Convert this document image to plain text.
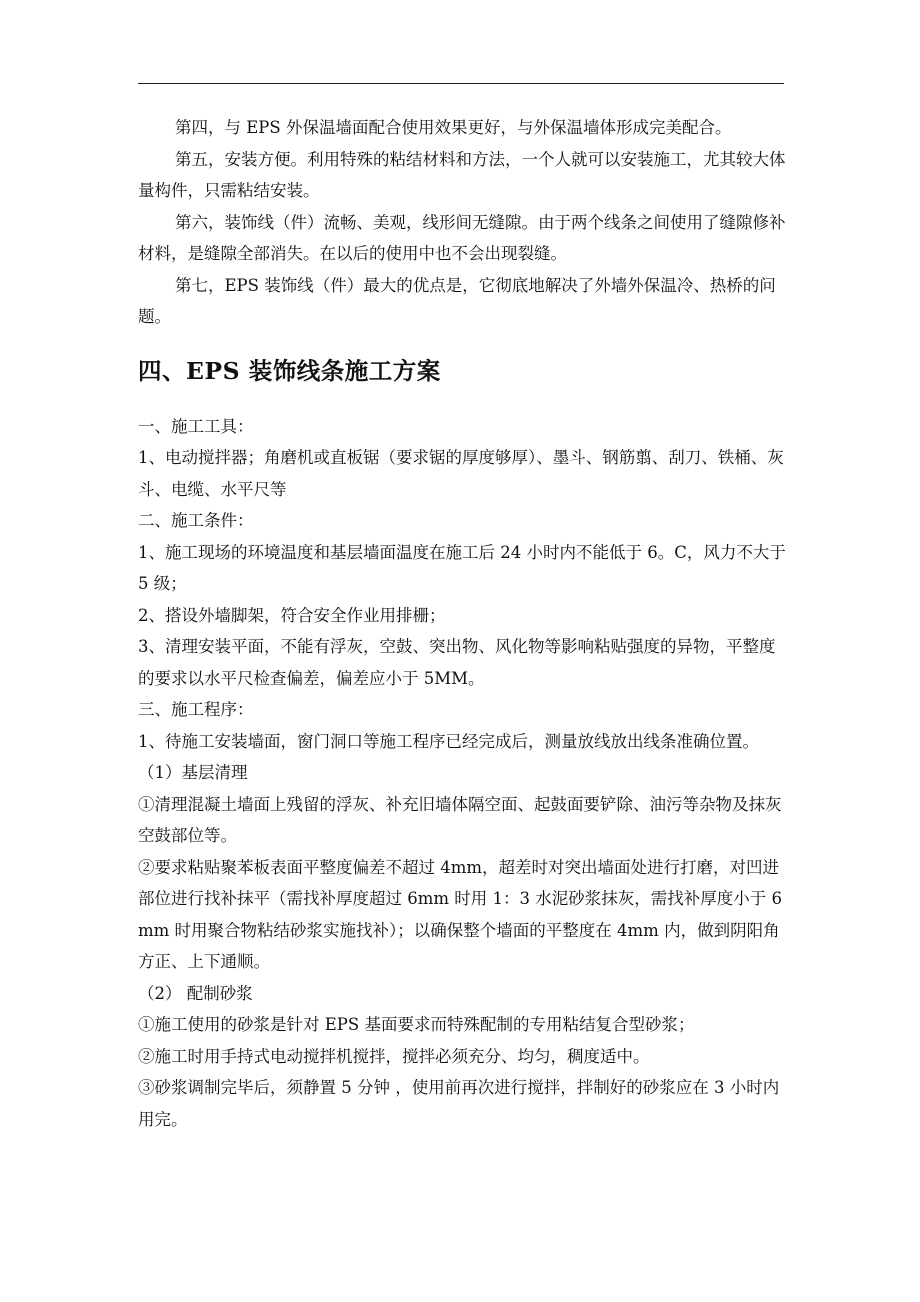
第四，与 EPS 外保温墙面配合使用效果更好，与外保温墙体形成完美配合。

第五，安装方便。利用特殊的粘结材料和方法，一个人就可以安装施工，尤其较大体量构件，只需粘结安装。

第六，装饰线（件）流畅、美观，线形间无缝隙。由于两个线条之间使用了缝隙修补材料，是缝隙全部消失。在以后的使用中也不会出现裂缝。

第七，EPS 装饰线（件）最大的优点是，它彻底地解决了外墙外保温冷、热桥的问题。

四、EPS 装饰线条施工方案

一、施工工具：

1、电动搅拌器；角磨机或直板锯（要求锯的厚度够厚）、墨斗、钢筋翦、刮刀、铁桶、灰斗、电缆、水平尺等

二、施工条件：

1、施工现场的环境温度和基层墙面温度在施工后 24 小时内不能低于 6。C，风力不大于 5 级；

2、搭设外墙脚架，符合安全作业用排栅；

3、清理安装平面，不能有浮灰，空鼓、突出物、风化物等影响粘贴强度的异物，平整度的要求以水平尺检查偏差，偏差应小于 5MM。

三、施工程序：

1、待施工安装墙面，窗门洞口等施工程序已经完成后，测量放线放出线条准确位置。

（1）基层清理

①清理混凝土墙面上残留的浮灰、补充旧墙体隔空面、起鼓面要铲除、油污等杂物及抹灰空鼓部位等。

②要求粘贴聚苯板表面平整度偏差不超过 4mm，超差时对突出墙面处进行打磨，对凹进部位进行找补抹平（需找补厚度超过 6mm 时用 1：3 水泥砂浆抹灰，需找补厚度小于 6mm 时用聚合物粘结砂浆实施找补）；以确保整个墙面的平整度在 4mm 内，做到阴阳角方正、上下通顺。

（2） 配制砂浆

①施工使用的砂浆是针对 EPS 基面要求而特殊配制的专用粘结复合型砂浆；

②施工时用手持式电动搅拌机搅拌，搅拌必须充分、均匀，稠度适中。

③砂浆调制完毕后，须静置 5 分钟 ，使用前再次进行搅拌，拌制好的砂浆应在 3 小时内用完。
